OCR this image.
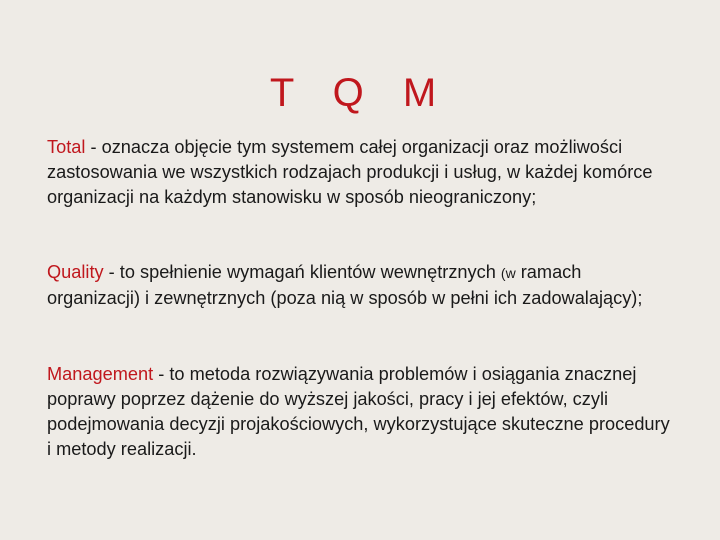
T Q M
Total - oznacza objęcie tym systemem całej organizacji oraz możliwości zastosowania we wszystkich rodzajach produkcji i usług, w każdej komórce organizacji na każdym stanowisku w sposób nieograniczony;
Quality - to spełnienie wymagań klientów wewnętrznych (w ramach organizacji) i zewnętrznych (poza nią w sposób w pełni ich zadowalający);
Management - to metoda rozwiązywania problemów i osiągania znacznej poprawy poprzez dążenie do wyższej jakości, pracy i jej efektów, czyli podejmowania decyzji projakościowych, wykorzystujące skuteczne procedury i metody realizacji.
